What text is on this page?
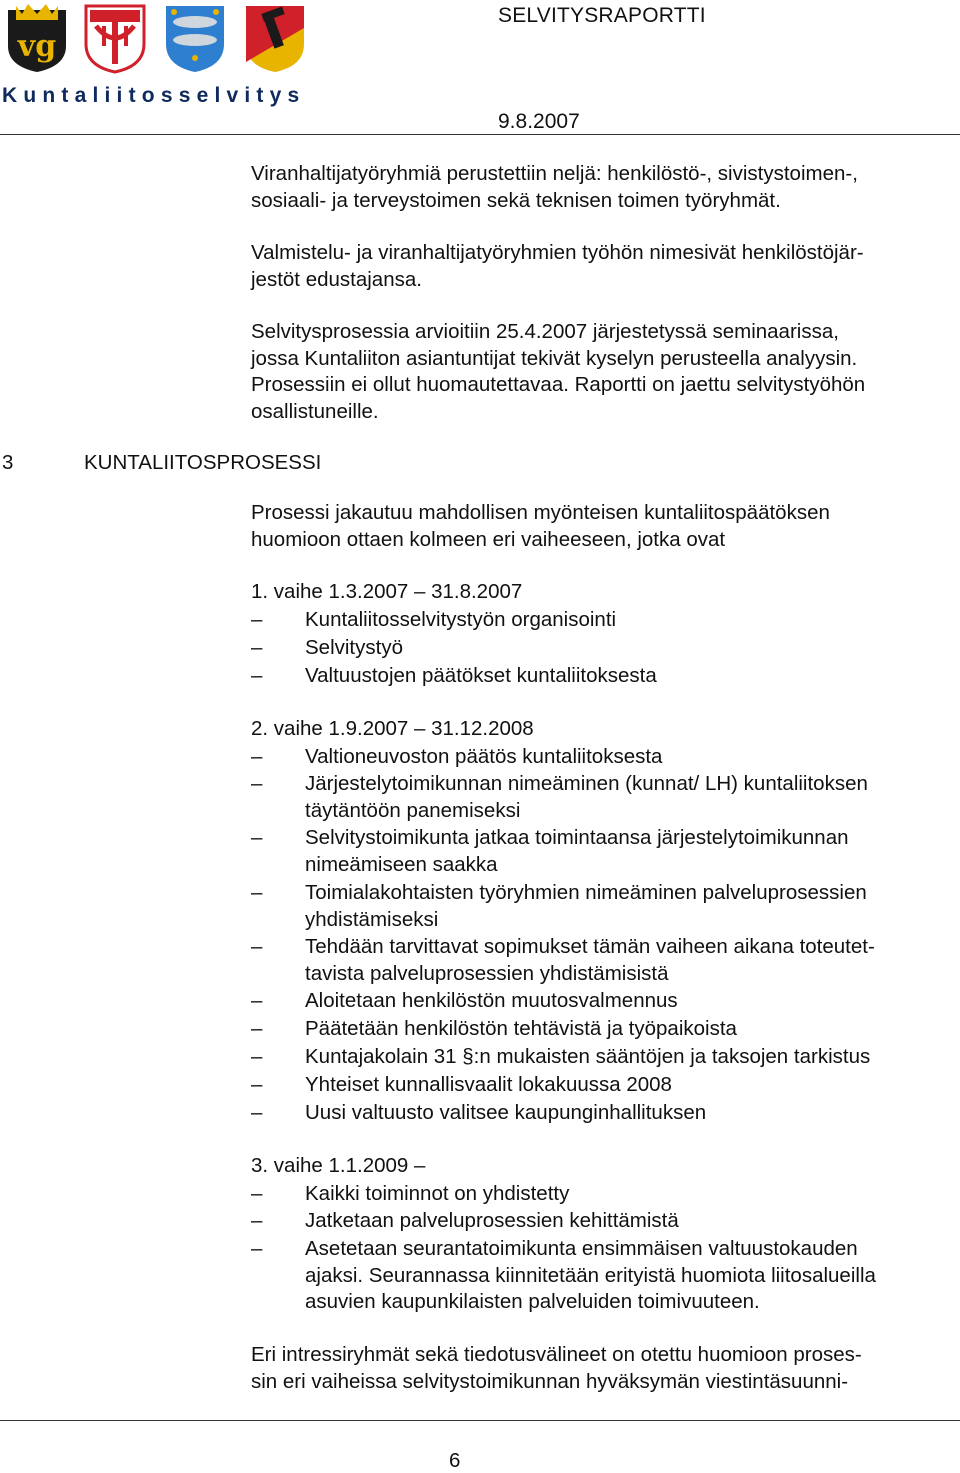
vg
SELVITYSRAPORTTI
Kuntaliitosselvitys
9.8.2007
Viranhaltijatyöryhmiä perustettiin neljä: henkilöstö-, sivistystoimen-,
sosiaali- ja terveystoimen sekä teknisen toimen työryhmät.
Valmistelu- ja viranhaltijatyöryhmien työhön nimesivät henkilöstöjär-
jestöt edustajansa.
Selvitysprosessia arvioitiin 25.4.2007 järjestetyssä seminaarissa,
jossa Kuntaliiton asiantuntijat tekivät kyselyn perusteella analyysin.
Prosessiin ei ollut huomautettavaa. Raportti on jaettu selvitystyöhön
osallistuneille.
3	KUNTALIITOSPROSESSI
Prosessi jakautuu mahdollisen myönteisen kuntaliitospäätöksen
huomioon ottaen kolmeen eri vaiheeseen, jotka ovat
1. vaihe 1.3.2007 – 31.8.2007
–	Kuntaliitosselvitystyön organisointi
–	Selvitystyö
–	Valtuustojen päätökset kuntaliitoksesta
2. vaihe 1.9.2007 – 31.12.2008
–	Valtioneuvoston päätös kuntaliitoksesta
–	Järjestelytoimikunnan nimeäminen (kunnat/ LH) kuntaliitoksen
täytäntöön panemiseksi
–	Selvitystoimikunta jatkaa toimintaansa järjestelytoimikunnan
nimeämiseen saakka
–	Toimialakohtaisten työryhmien nimeäminen palveluprosessien
yhdistämiseksi
–	Tehdään tarvittavat sopimukset tämän vaiheen aikana toteutet-
tavista palveluprosessien yhdistämisistä
–	Aloitetaan henkilöstön muutosvalmennus
–	Päätetään henkilöstön tehtävistä ja työpaikoista
–	Kuntajakolain 31 §:n mukaisten sääntöjen ja taksojen tarkistus
–	Yhteiset kunnallisvaalit lokakuussa 2008
–	Uusi valtuusto valitsee kaupunginhallituksen
3. vaihe 1.1.2009 –
–	Kaikki toiminnot on yhdistetty
–	Jatketaan palveluprosessien kehittämistä
–	Asetetaan seurantatoimikunta ensimmäisen valtuustokauden
ajaksi. Seurannassa kiinnitetään erityistä huomiota liitosalueilla
asuvien kaupunkilaisten palveluiden toimivuuteen.
Eri intressiryhmät sekä tiedotusvälineet on otettu huomioon proses-
sin eri vaiheissa selvitystoimikunnan hyväksymän viestintäsuunni-
6
